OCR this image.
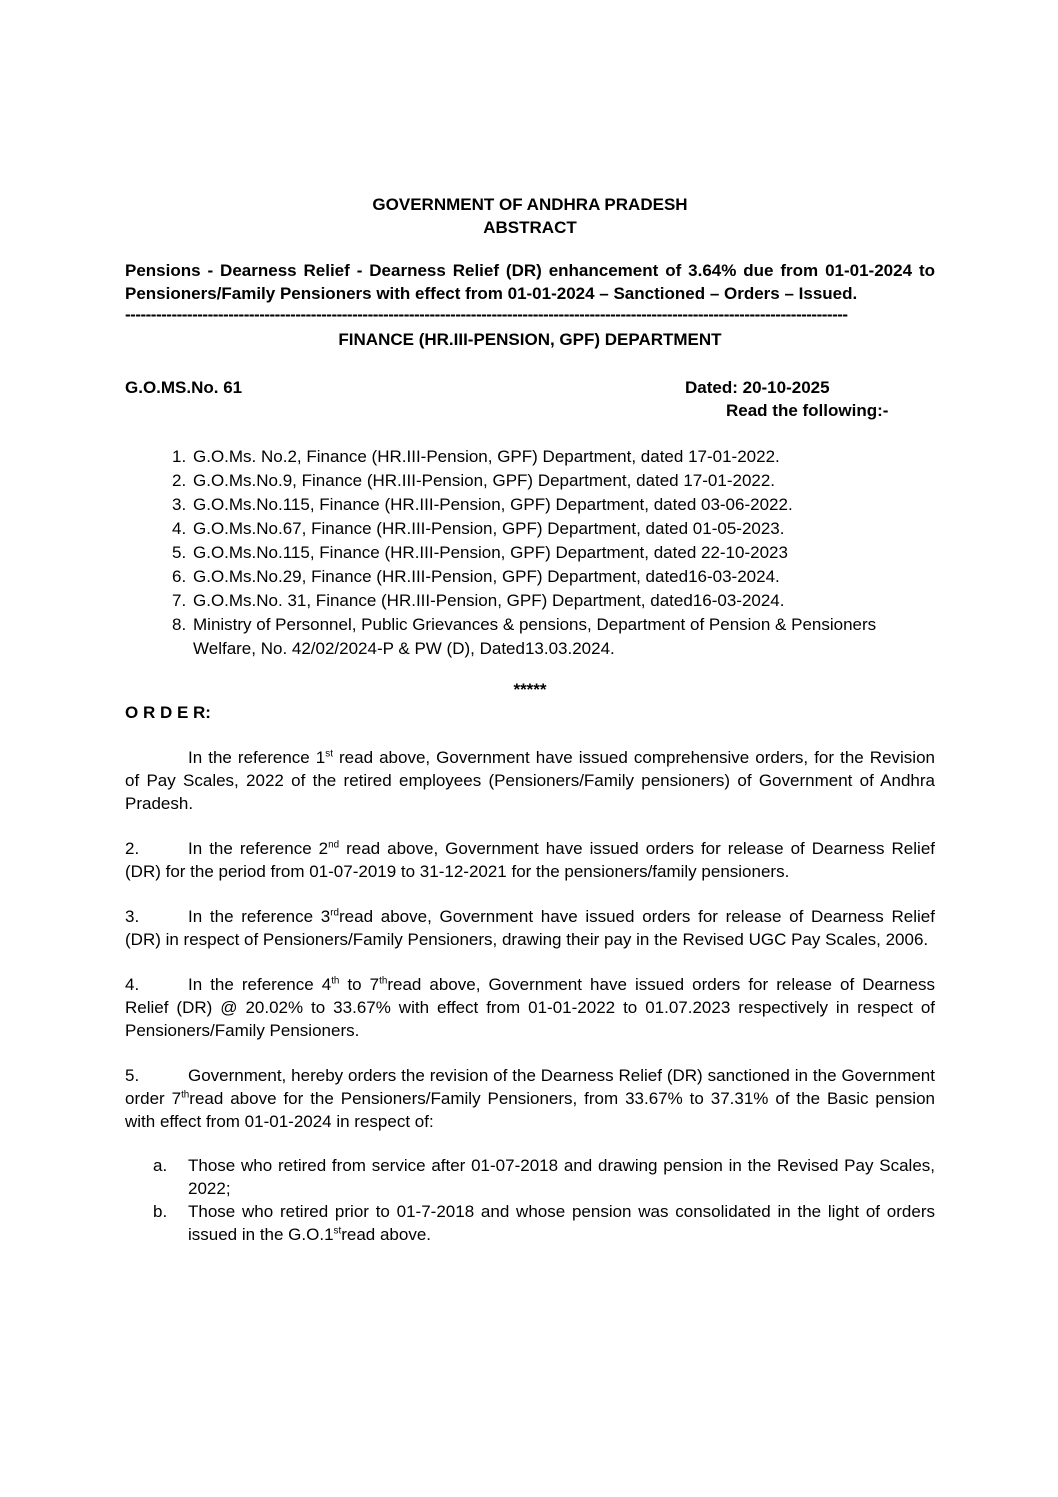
GOVERNMENT OF ANDHRA PRADESH
ABSTRACT
Pensions - Dearness Relief - Dearness Relief (DR) enhancement of 3.64% due from 01-01-2024 to Pensioners/Family Pensioners with effect from 01-01-2024 – Sanctioned – Orders – Issued.
--------------------------------------------------------------------------------------------------------------------------------------------
FINANCE (HR.III-PENSION, GPF) DEPARTMENT
G.O.MS.No. 61	Dated: 20-10-2025
Read the following:-
1. G.O.Ms. No.2, Finance (HR.III-Pension, GPF) Department, dated 17-01-2022.
2. G.O.Ms.No.9, Finance (HR.III-Pension, GPF) Department, dated 17-01-2022.
3. G.O.Ms.No.115, Finance (HR.III-Pension, GPF) Department, dated 03-06-2022.
4. G.O.Ms.No.67, Finance (HR.III-Pension, GPF) Department, dated 01-05-2023.
5. G.O.Ms.No.115, Finance (HR.III-Pension, GPF) Department, dated 22-10-2023
6. G.O.Ms.No.29, Finance (HR.III-Pension, GPF) Department, dated16-03-2024.
7. G.O.Ms.No. 31, Finance (HR.III-Pension, GPF) Department, dated16-03-2024.
8. Ministry of Personnel, Public Grievances & pensions, Department of Pension & Pensioners Welfare, No. 42/02/2024-P & PW (D), Dated13.03.2024.
*****
O R D E R:

In the reference 1st read above, Government have issued comprehensive orders, for the Revision of Pay Scales, 2022 of the retired employees (Pensioners/Family pensioners) of Government of Andhra Pradesh.

2.	In the reference 2nd read above, Government have issued orders for release of Dearness Relief (DR) for the period from 01-07-2019 to 31-12-2021 for the pensioners/family pensioners.

3.	In the reference 3rdread above, Government have issued orders for release of Dearness Relief (DR) in respect of Pensioners/Family Pensioners, drawing their pay in the Revised UGC Pay Scales, 2006.

4.	In the reference 4th to 7thread above, Government have issued orders for release of Dearness Relief (DR) @ 20.02% to 33.67% with effect from 01-01-2022 to 01.07.2023 respectively in respect of Pensioners/Family Pensioners.

5.	Government, hereby orders the revision of the Dearness Relief (DR) sanctioned in the Government order 7thread above for the Pensioners/Family Pensioners, from 33.67% to 37.31% of the Basic pension with effect from 01-01-2024 in respect of:

a.	Those who retired from service after 01-07-2018 and drawing pension in the Revised Pay Scales, 2022;
b.	Those who retired prior to 01-7-2018 and whose pension was consolidated in the light of orders issued in the G.O.1stread above.
